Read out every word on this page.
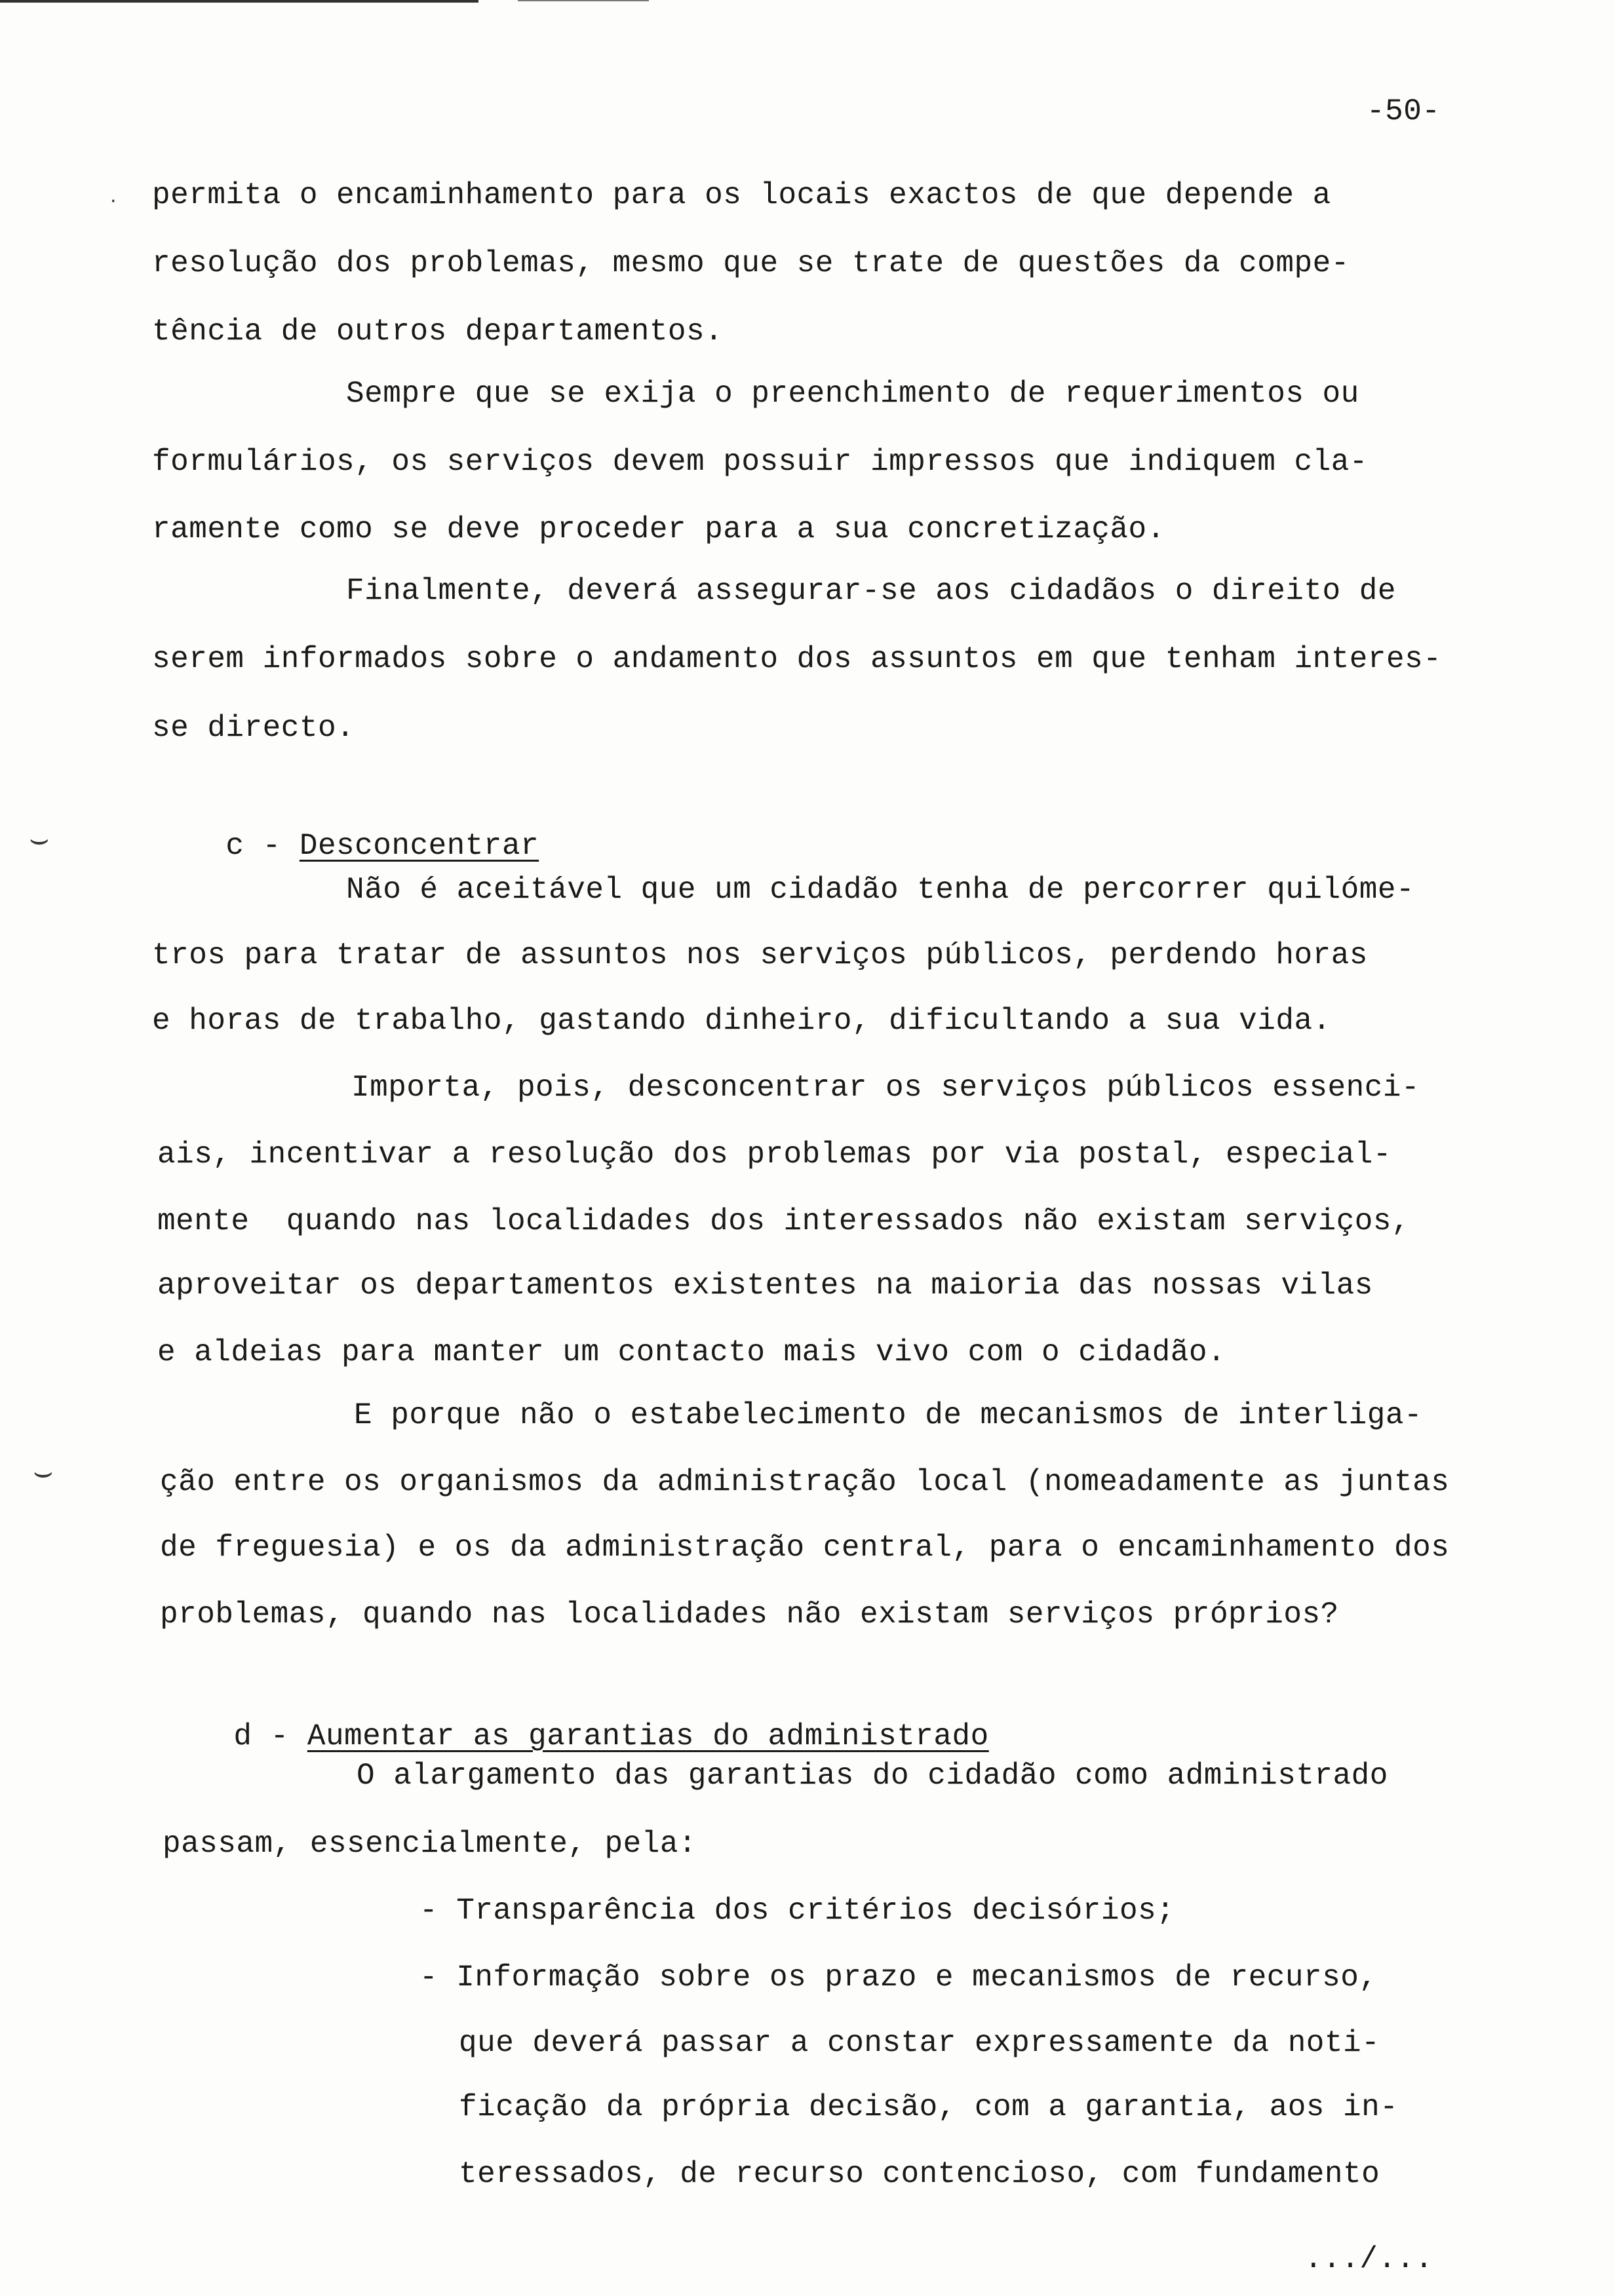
-50-
· permita o encaminhamento para os locais exactos de que depende a
resolução dos problemas, mesmo que se trate de questões da compe-
tência de outros departamentos.
Sempre que se exija o preenchimento de requerimentos ou
formulários, os serviços devem possuir impressos que indiquem cla-
ramente como se deve proceder para a sua concretização.
Finalmente, deverá assegurar-se aos cidadãos o direito de
serem informados sobre o andamento dos assuntos em que tenham interes-
se directo.

c - Desconcentrar

⌣
Não é aceitável que um cidadão tenha de percorrer quilóme-
tros para tratar de assuntos nos serviços públicos, perdendo horas
e horas de trabalho, gastando dinheiro, dificultando a sua vida.
Importa, pois, desconcentrar os serviços públicos essenci-
ais, incentivar a resolução dos problemas por via postal, especial-
mente  quando nas localidades dos interessados não existam serviços,
aproveitar os departamentos existentes na maioria das nossas vilas
e aldeias para manter um contacto mais vivo com o cidadão.
E porque não o estabelecimento de mecanismos de interliga-
⌣	ção entre os organismos da administração local (nomeadamente as juntas
de freguesia) e os da administração central, para o encaminhamento dos
problemas, quando nas localidades não existam serviços próprios?

d - Aumentar as garantias do administrado

O alargamento das garantias do cidadão como administrado
passam, essencialmente, pela:
- Transparência dos critérios decisórios;
- Informação sobre os prazo e mecanismos de recurso,
que deverá passar a constar expressamente da noti-
ficação da própria decisão, com a garantia, aos in-
teressados, de recurso contencioso, com fundamento
.../...
